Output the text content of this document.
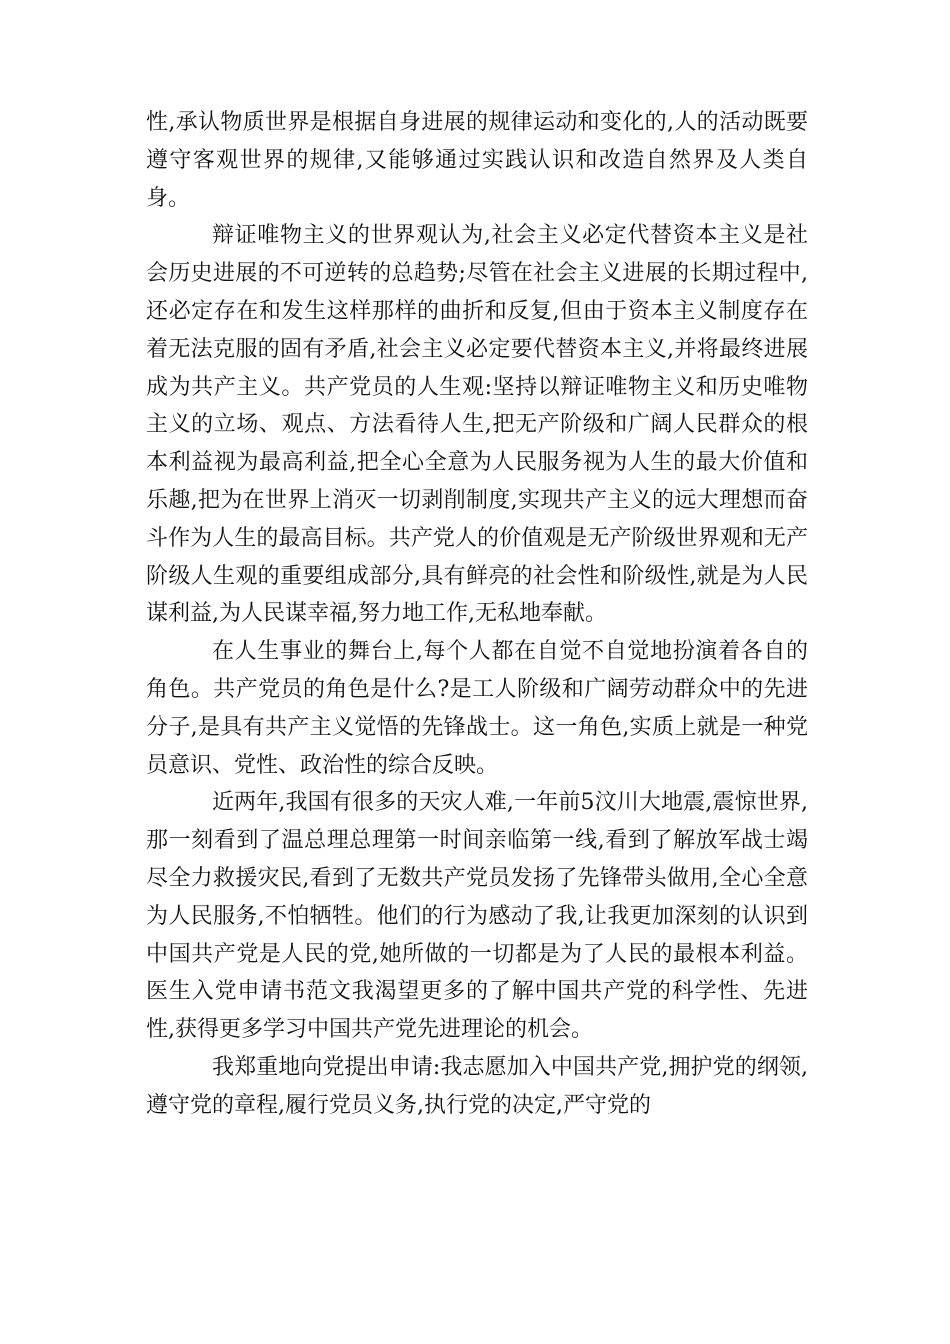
性,承认物质世界是根据自身进展的规律运动和变化的,人的活动既要遵守客观世界的规律,又能够通过实践认识和改造自然界及人类自身。

辩证唯物主义的世界观认为,社会主义必定代替资本主义是社会历史进展的不可逆转的总趋势;尽管在社会主义进展的长期过程中,还必定存在和发生这样那样的曲折和反复,但由于资本主义制度存在着无法克服的固有矛盾,社会主义必定要代替资本主义,并将最终进展成为共产主义。共产党员的人生观:坚持以辩证唯物主义和历史唯物主义的立场、观点、方法看待人生,把无产阶级和广阔人民群众的根本利益视为最高利益,把全心全意为人民服务视为人生的最大价值和乐趣,把为在世界上消灭一切剥削制度,实现共产主义的远大理想而奋斗作为人生的最高目标。共产党人的价值观是无产阶级世界观和无产阶级人生观的重要组成部分,具有鲜亮的社会性和阶级性,就是为人民谋利益,为人民谋幸福,努力地工作,无私地奉献。

在人生事业的舞台上,每个人都在自觉不自觉地扮演着各自的角色。共产党员的角色是什么?是工人阶级和广阔劳动群众中的先进分子,是具有共产主义觉悟的先锋战士。这一角色,实质上就是一种党员意识、党性、政治性的综合反映。

近两年,我国有很多的天灾人难,一年前5汶川大地震,震惊世界,那一刻看到了温总理总理第一时间亲临第一线,看到了解放军战士竭尽全力救援灾民,看到了无数共产党员发扬了先锋带头做用,全心全意为人民服务,不怕牺牲。他们的行为感动了我,让我更加深刻的认识到中国共产党是人民的党,她所做的一切都是为了人民的最根本利益。医生入党申请书范文我渴望更多的了解中国共产党的科学性、先进性,获得更多学习中国共产党先进理论的机会。

我郑重地向党提出申请:我志愿加入中国共产党,拥护党的纲领,遵守党的章程,履行党员义务,执行党的决定,严守党的
